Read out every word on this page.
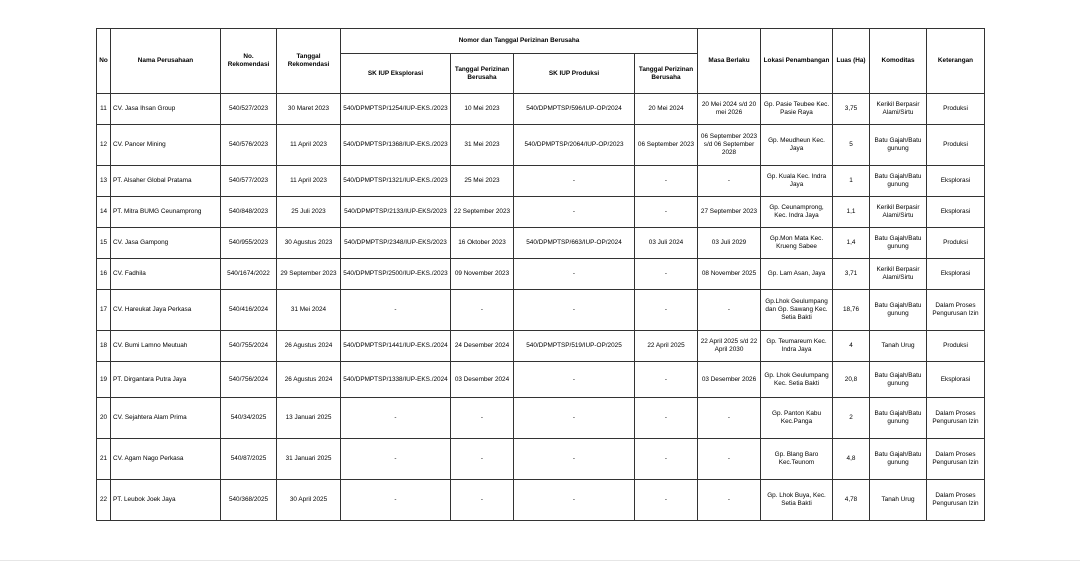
No	Nama Perusahaan	No. Rekomendasi	Tanggal Rekomendasi	Nomor dan Tanggal Perizinan Berusaha				Masa Berlaku	Lokasi Penambangan	Luas (Ha)	Komoditas	Keterangan
				SK IUP Eksplorasi	Tanggal Perizinan Berusaha	SK IUP Produksi	Tanggal Perizinan Berusaha					
11	CV. Jasa Ihsan Group	540/527/2023	30 Maret 2023	540/DPMPTSP/1254/IUP-EKS./2023	10 Mei 2023	540/DPMPTSP/596/IUP-OP/2024	20 Mei 2024	20 Mei 2024 s/d 20 mei 2026	Gp. Pasie Teubee Kec. Pasie Raya	3,75	Kerikil Berpasir Alami/Sirtu	Produksi
12	CV. Pancer Mining	540/576/2023	11 April 2023	540/DPMPTSP/1368/IUP-EKS./2023	31 Mei 2023	540/DPMPTSP/2064/IUP-OP/2023	06 September 2023	06 September 2023 s/d 06 September 2028	Gp. Meudheun Kec. Jaya	5	Batu Gajah/Batu gunung	Produksi
13	PT. Alsaher Global Pratama	540/577/2023	11 April 2023	540/DPMPTSP/1321/IUP-EKS./2023	25 Mei 2023	-	-	-	Gp. Kuala Kec. Indra Jaya	1	Batu Gajah/Batu gunung	Eksplorasi
14	PT. Mitra BUMG Ceunamprong	540/848/2023	25 Juli 2023	540/DPMPTSP/2133/IUP-EKS/2023	22 September 2023	-	-	27 September 2023	Gp. Ceunamprong, Kec. Indra Jaya	1,1	Kerikil Berpasir Alami/Sirtu	Eksplorasi
15	CV. Jasa Gampong	540/955/2023	30 Agustus 2023	540/DPMPTSP/2348/IUP-EKS/2023	16 Oktober 2023	540/DPMPTSP/663/IUP-OP/2024	03 Juli 2024	03 Juli 2029	Gp.Mon Mata Kec. Krueng Sabee	1,4	Batu Gajah/Batu gunung	Produksi
16	CV. Fadhila	540/1674/2022	29 September 2023	540/DPMPTSP/2500/IUP-EKS./2023	09 November 2023	-	-	08 November 2025	Gp. Lam Asan, Jaya	3,71	Kerikil Berpasir Alami/Sirtu	Eksplorasi
17	CV. Hareukat Jaya Perkasa	540/416/2024	31 Mei 2024	-	-	-	-	-	Gp.Lhok Geulumpang dan Gp. Sawang Kec. Setia Bakti	18,76	Batu Gajah/Batu gunung	Dalam Proses Pengurusan Izin
18	CV. Bumi Lamno Meutuah	540/755/2024	26 Agustus 2024	540/DPMPTSP/1441/IUP-EKS./2024	24 Desember 2024	540/DPMPTSP/519/IUP-OP/2025	22 April 2025	22 April 2025 s/d 22 April 2030	Gp. Teumareum Kec. Indra Jaya	4	Tanah Urug	Produksi
19	PT. Dirgantara Putra Jaya	540/756/2024	26 Agustus 2024	540/DPMPTSP/1338/IUP-EKS./2024	03 Desember 2024	-	-	03 Desember 2026	Gp. Lhok Geulumpang Kec. Setia Bakti	20,8	Batu Gajah/Batu gunung	Eksplorasi
20	CV. Sejahtera Alam Prima	540/34/2025	13 Januari 2025	-	-	-	-	-	Gp. Panton Kabu Kec.Panga	2	Batu Gajah/Batu gunung	Dalam Proses Pengurusan Izin
21	CV. Agam Nago Perkasa	540/87/2025	31 Januari 2025	-	-	-	-	-	Gp. Blang Baro Kec.Teunom	4,8	Batu Gajah/Batu gunung	Dalam Proses Pengurusan Izin
22	PT. Leubok Joek Jaya	540/368/2025	30 April 2025	-	-	-	-	-	Gp. Lhok Buya, Kec. Setia Bakti	4,78	Tanah Urug	Dalam Proses Pengurusan Izin
